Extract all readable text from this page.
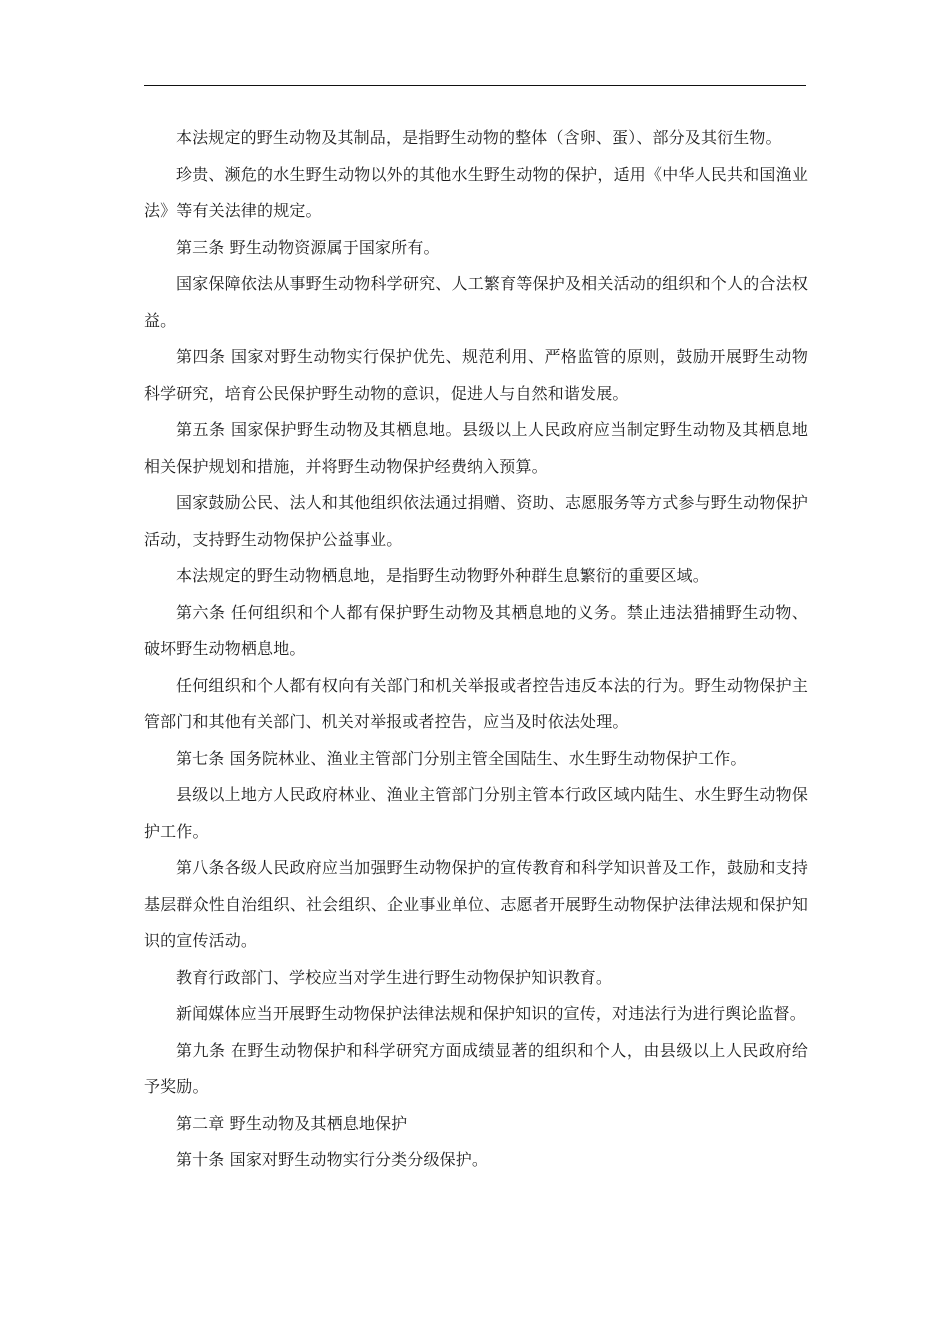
本法规定的野生动物及其制品，是指野生动物的整体（含卵、蛋）、部分及其衍生物。

珍贵、濒危的水生野生动物以外的其他水生野生动物的保护，适用《中华人民共和国渔业法》等有关法律的规定。

第三条 野生动物资源属于国家所有。

国家保障依法从事野生动物科学研究、人工繁育等保护及相关活动的组织和个人的合法权益。

第四条 国家对野生动物实行保护优先、规范利用、严格监管的原则，鼓励开展野生动物科学研究，培育公民保护野生动物的意识，促进人与自然和谐发展。

第五条 国家保护野生动物及其栖息地。县级以上人民政府应当制定野生动物及其栖息地相关保护规划和措施，并将野生动物保护经费纳入预算。

国家鼓励公民、法人和其他组织依法通过捐赠、资助、志愿服务等方式参与野生动物保护活动，支持野生动物保护公益事业。

本法规定的野生动物栖息地，是指野生动物野外种群生息繁衍的重要区域。

第六条 任何组织和个人都有保护野生动物及其栖息地的义务。禁止违法猎捕野生动物、破坏野生动物栖息地。

任何组织和个人都有权向有关部门和机关举报或者控告违反本法的行为。野生动物保护主管部门和其他有关部门、机关对举报或者控告，应当及时依法处理。

第七条 国务院林业、渔业主管部门分别主管全国陆生、水生野生动物保护工作。

县级以上地方人民政府林业、渔业主管部门分别主管本行政区域内陆生、水生野生动物保护工作。

第八条各级人民政府应当加强野生动物保护的宣传教育和科学知识普及工作，鼓励和支持基层群众性自治组织、社会组织、企业事业单位、志愿者开展野生动物保护法律法规和保护知识的宣传活动。

教育行政部门、学校应当对学生进行野生动物保护知识教育。

新闻媒体应当开展野生动物保护法律法规和保护知识的宣传，对违法行为进行舆论监督。

第九条 在野生动物保护和科学研究方面成绩显著的组织和个人，由县级以上人民政府给予奖励。

第二章 野生动物及其栖息地保护

第十条 国家对野生动物实行分类分级保护。
